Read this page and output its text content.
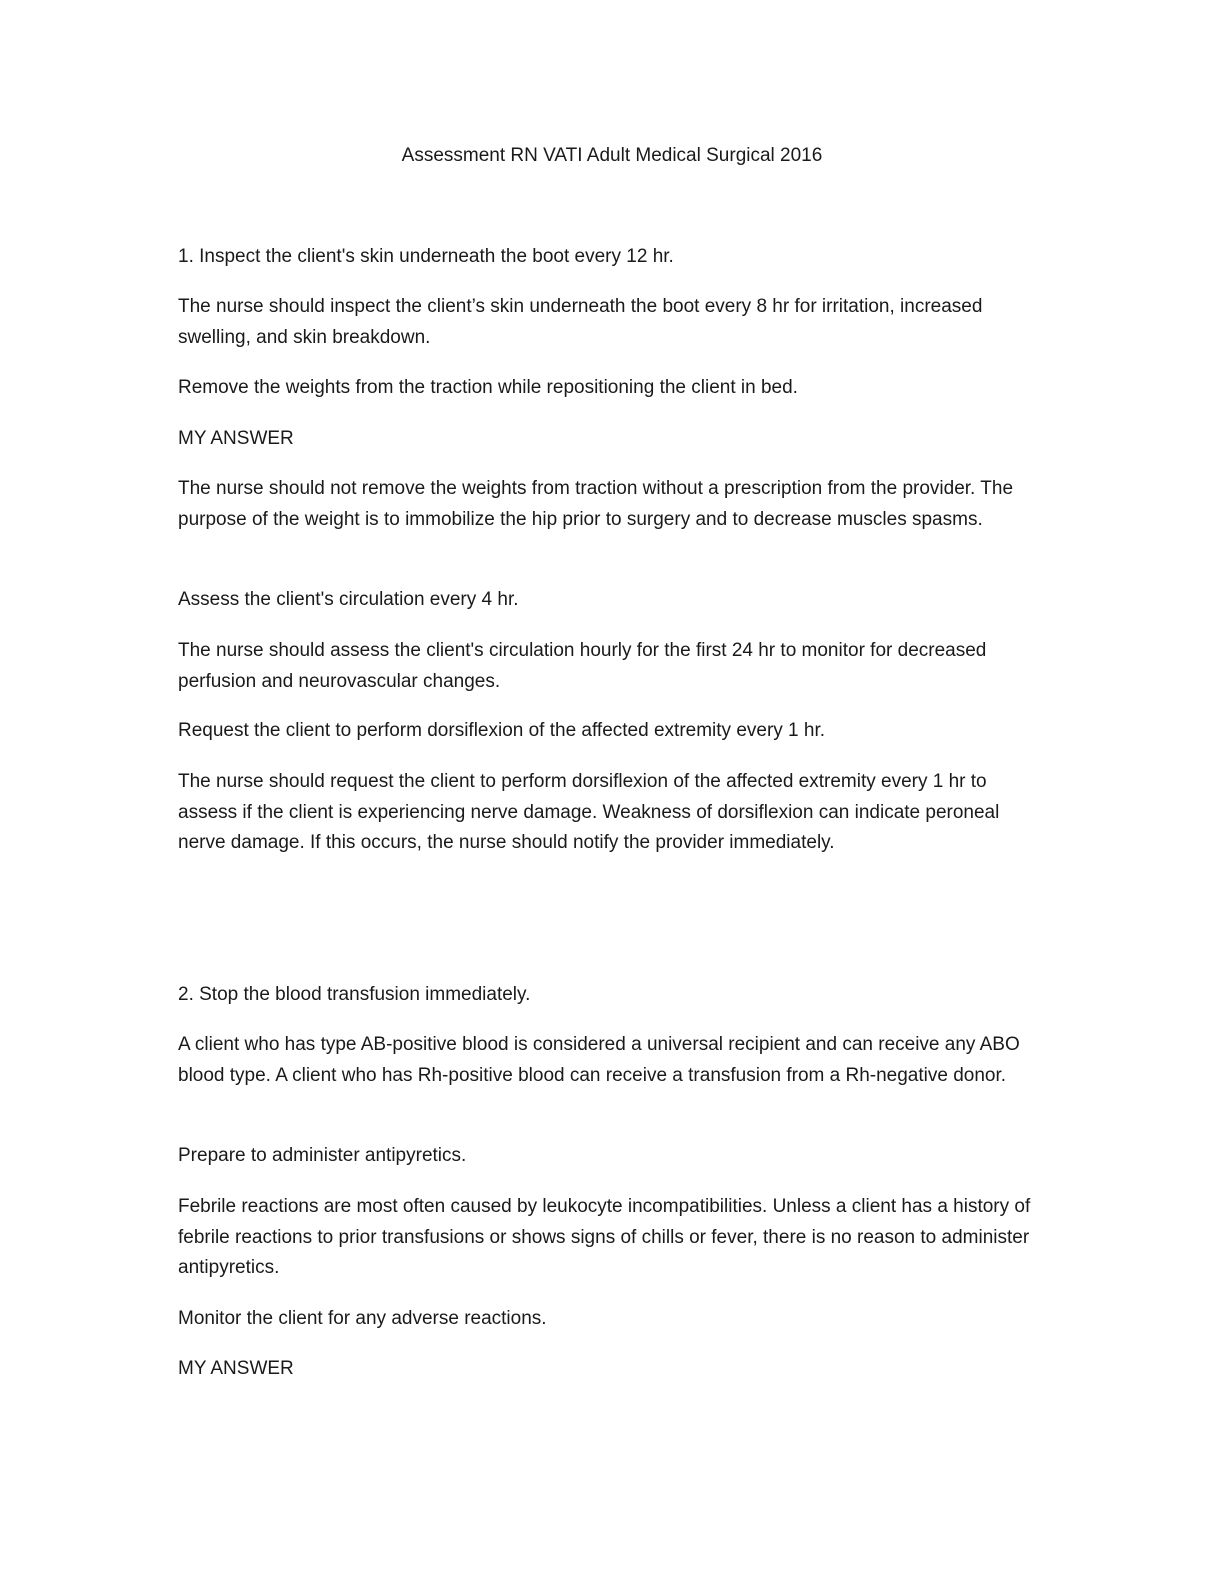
Assessment RN VATI Adult Medical Surgical 2016

1. Inspect the client's skin underneath the boot every 12 hr.

The nurse should inspect the client’s skin underneath the boot every 8 hr for irritation, increased swelling, and skin breakdown.

Remove the weights from the traction while repositioning the client in bed.

MY ANSWER

The nurse should not remove the weights from traction without a prescription from the provider. The purpose of the weight is to immobilize the hip prior to surgery and to decrease muscles spasms.

Assess the client's circulation every 4 hr.

The nurse should assess the client's circulation hourly for the first 24 hr to monitor for decreased perfusion and neurovascular changes.

Request the client to perform dorsiflexion of the affected extremity every 1 hr.

The nurse should request the client to perform dorsiflexion of the affected extremity every 1 hr to assess if the client is experiencing nerve damage. Weakness of dorsiflexion can indicate peroneal nerve damage. If this occurs, the nurse should notify the provider immediately.

2. Stop the blood transfusion immediately.

A client who has type AB-positive blood is considered a universal recipient and can receive any ABO blood type. A client who has Rh-positive blood can receive a transfusion from a Rh-negative donor.

Prepare to administer antipyretics.

Febrile reactions are most often caused by leukocyte incompatibilities. Unless a client has a history of febrile reactions to prior transfusions or shows signs of chills or fever, there is no reason to administer antipyretics.

Monitor the client for any adverse reactions.

MY ANSWER
